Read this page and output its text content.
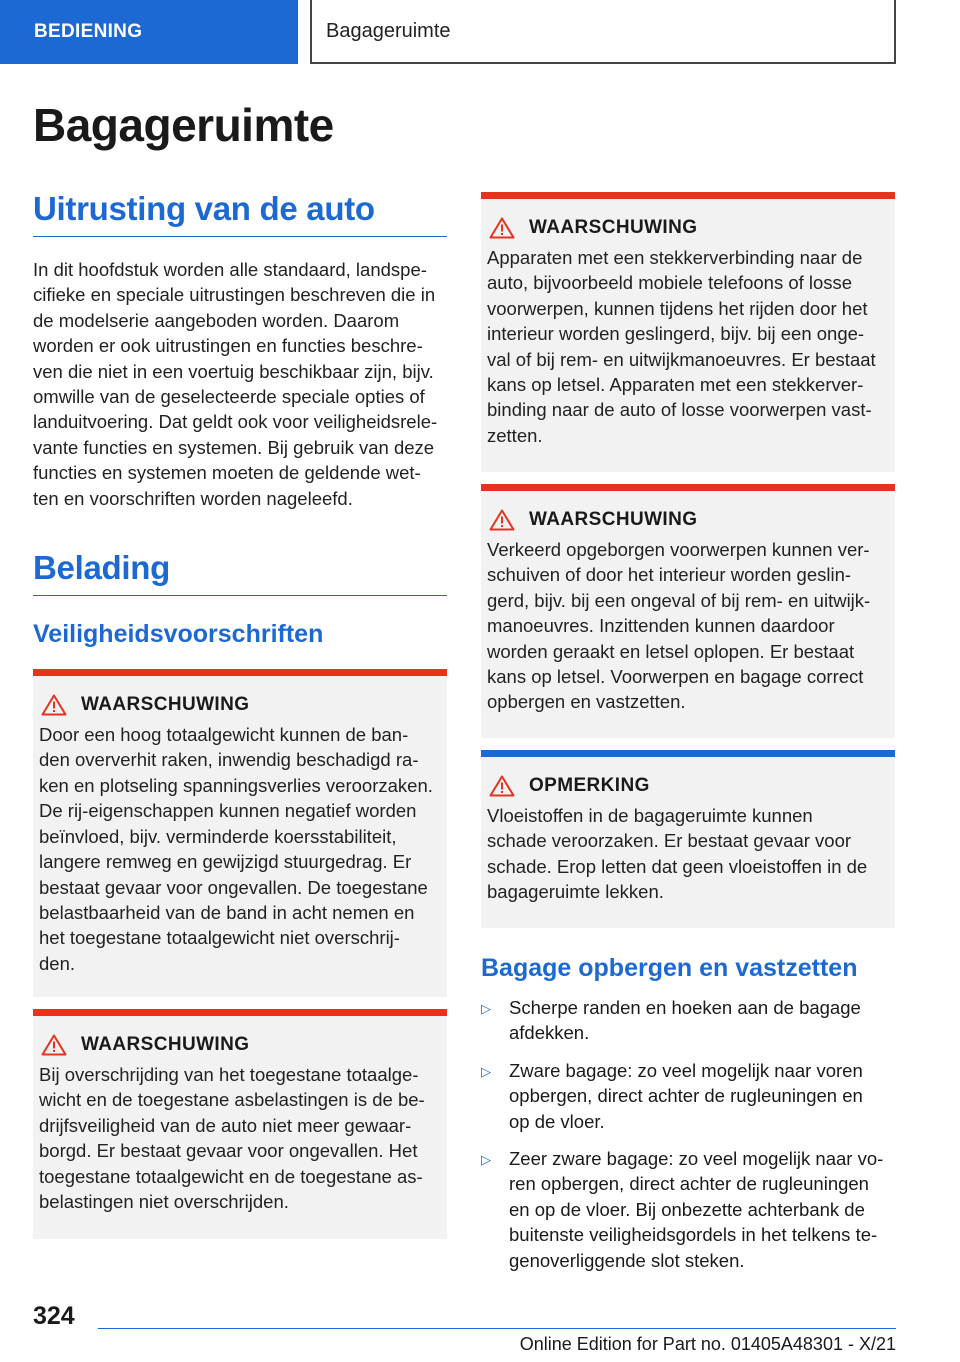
BEDIENING	Bagageruimte
Bagageruimte
Uitrusting van de auto

In dit hoofdstuk worden alle standaard, landspe-
cifieke en speciale uitrustingen beschreven die in
de modelserie aangeboden worden. Daarom
worden er ook uitrustingen en functies beschre-
ven die niet in een voertuig beschikbaar zijn, bijv.
omwille van de geselecteerde speciale opties of
landuitvoering. Dat geldt ook voor veiligheidsrele-
vante functies en systemen. Bij gebruik van deze
functies en systemen moeten de geldende wet-
ten en voorschriften worden nageleefd.

Belading
Veiligheidsvoorschriften
WAARSCHUWING

Door een hoog totaalgewicht kunnen de ban-
den oververhit raken, inwendig beschadigd ra-
ken en plotseling spanningsverlies veroorzaken.
De rij-eigenschappen kunnen negatief worden
beïnvloed, bijv. verminderde koersstabiliteit,
langere remweg en gewijzigd stuurgedrag. Er
bestaat gevaar voor ongevallen. De toegestane
belastbaarheid van de band in acht nemen en
het toegestane totaalgewicht niet overschrij-
den.

WAARSCHUWING

Bij overschrijding van het toegestane totaalge-
wicht en de toegestane asbelastingen is de be-
drijfsveiligheid van de auto niet meer gewaar-
borgd. Er bestaat gevaar voor ongevallen. Het
toegestane totaalgewicht en de toegestane as-
belastingen niet overschrijden.

WAARSCHUWING

Apparaten met een stekkerverbinding naar de
auto, bijvoorbeeld mobiele telefoons of losse
voorwerpen, kunnen tijdens het rijden door het
interieur worden geslingerd, bijv. bij een onge-
val of bij rem- en uitwijkmanoeuvres. Er bestaat
kans op letsel. Apparaten met een stekkerver-
binding naar de auto of losse voorwerpen vast-
zetten.

WAARSCHUWING

Verkeerd opgeborgen voorwerpen kunnen ver-
schuiven of door het interieur worden geslin-
gerd, bijv. bij een ongeval of bij rem- en uitwijk-
manoeuvres. Inzittenden kunnen daardoor
worden geraakt en letsel oplopen. Er bestaat
kans op letsel. Voorwerpen en bagage correct
opbergen en vastzetten.

OPMERKING

Vloeistoffen in de bagageruimte kunnen
schade veroorzaken. Er bestaat gevaar voor
schade. Erop letten dat geen vloeistoffen in de
bagageruimte lekken.

Bagage opbergen en vastzetten
▷ Scherpe randen en hoeken aan de bagage
afdekken.
▷ Zware bagage: zo veel mogelijk naar voren
opbergen, direct achter de rugleuningen en
op de vloer.
▷ Zeer zware bagage: zo veel mogelijk naar vo-
ren opbergen, direct achter de rugleuningen
en op de vloer. Bij onbezette achterbank de
buitenste veiligheidsgordels in het telkens te-
genoverliggende slot steken.
324
Online Edition for Part no. 01405A48301 - X/21
